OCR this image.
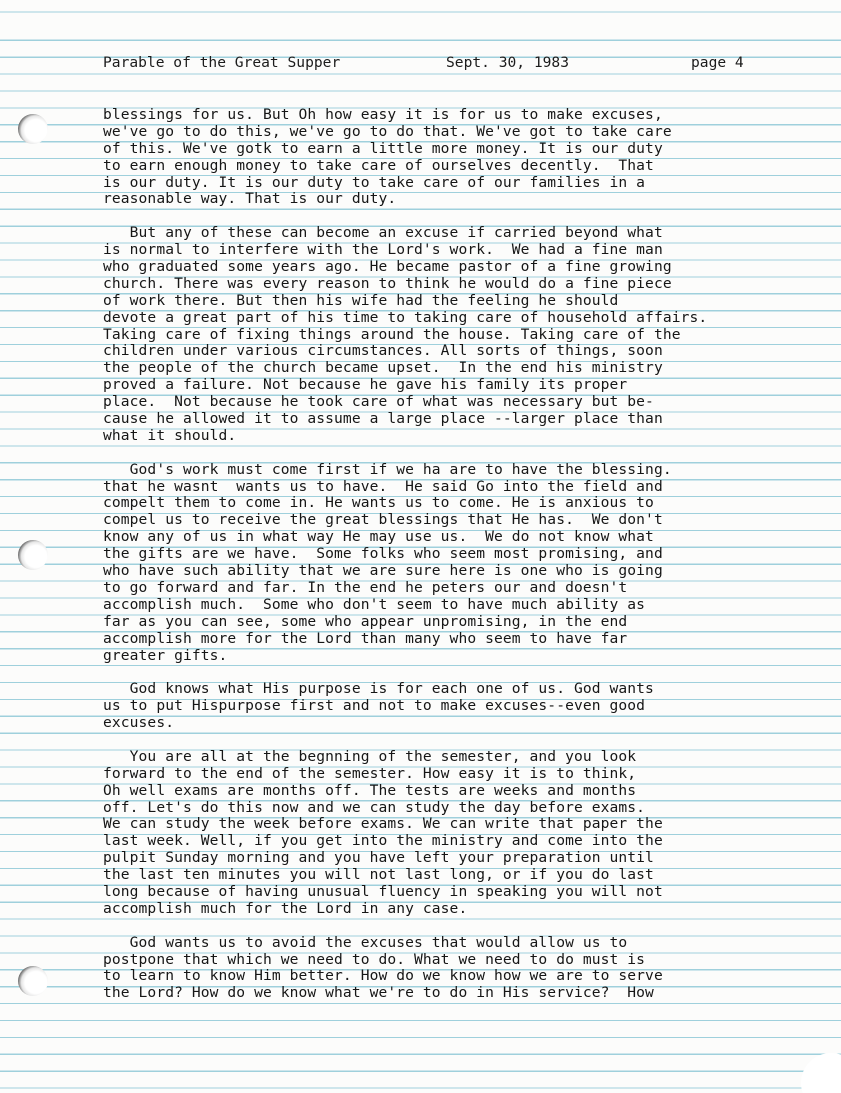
Parable of the Great Supper

	Sept. 30, 1983

	page 4

blessings for us. But Oh how easy it is for us to make excuses,
we've go to do this, we've go to do that. We've got to take care
of this. We've gotk to earn a little more money. It is our duty
to earn enough money to take care of ourselves decently.  That
is our duty. It is our duty to take care of our families in a
reasonable way. That is our duty.
But any of these can become an excuse if carried beyond what
is normal to interfere with the Lord's work.  We had a fine man
who graduated some years ago. He became pastor of a fine growing
church. There was every reason to think he would do a fine piece
of work there. But then his wife had the feeling he should
devote a great part of his time to taking care of household affairs.
Taking care of fixing things around the house. Taking care of the
children under various circumstances. All sorts of things, soon
the people of the church became upset.  In the end his ministry
proved a failure. Not because he gave his family its proper
place.  Not because he took care of what was necessary but be-
cause he allowed it to assume a large place --larger place than
what it should.
God's work must come first if we ha are to have the blessing.
that he wasnt  wants us to have.  He said Go into the field and
compelt them to come in. He wants us to come. He is anxious to
compel us to receive the great blessings that He has.  We don't
know any of us in what way He may use us.  We do not know what
the gifts are we have.  Some folks who seem most promising, and
who have such ability that we are sure here is one who is going
to go forward and far. In the end he peters our and doesn't
accomplish much.  Some who don't seem to have much ability as
far as you can see, some who appear unpromising, in the end
accomplish more for the Lord than many who seem to have far
greater gifts.
God knows what His purpose is for each one of us. God wants
us to put Hispurpose first and not to make excuses--even good
excuses.
You are all at the begnning of the semester, and you look
forward to the end of the semester. How easy it is to think,
Oh well exams are months off. The tests are weeks and months
off. Let's do this now and we can study the day before exams.
We can study the week before exams. We can write that paper the
last week. Well, if you get into the ministry and come into the
pulpit Sunday morning and you have left your preparation until
the last ten minutes you will not last long, or if you do last
long because of having unusual fluency in speaking you will not
accomplish much for the Lord in any case.
God wants us to avoid the excuses that would allow us to
postpone that which we need to do. What we need to do must is
to learn to know Him better. How do we know how we are to serve
the Lord? How do we know what we're to do in His service?  How
